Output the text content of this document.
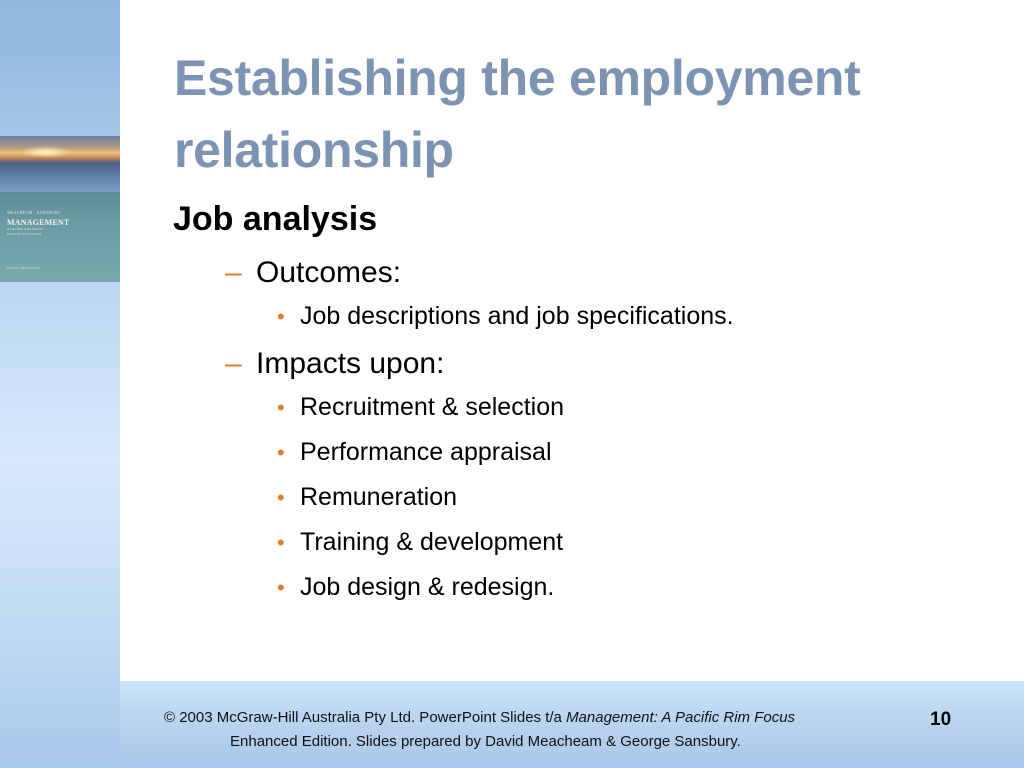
MEACHEAM · SANSBURY
MANAGEMENT
A PACIFIC RIM FOCUS
ENHANCED EDITION
McGraw-Hill Australia
Establishing the employment relationship
Job analysis
– Outcomes:
• Job descriptions and job specifications.
– Impacts upon:
• Recruitment & selection
• Performance appraisal
• Remuneration
• Training & development
• Job design & redesign.
© 2003 McGraw-Hill Australia Pty Ltd. PowerPoint Slides t/a Management: A Pacific Rim Focus
Enhanced Edition. Slides prepared by David Meacheam & George Sansbury.
10
